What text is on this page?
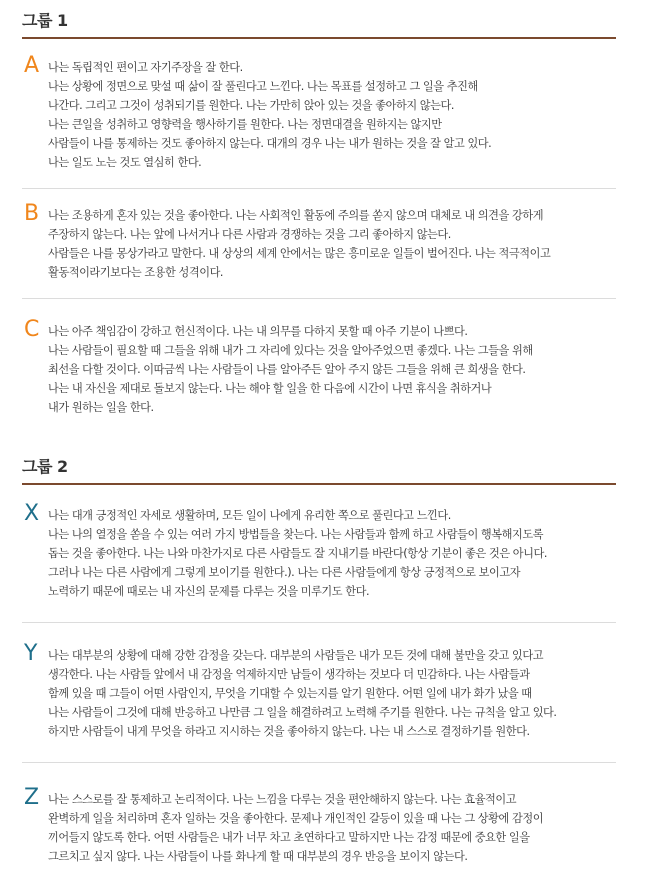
그룹 1
A 나는 독립적인 편이고 자기주장을 잘 한다.
나는 상황에 정면으로 맞설 때 삶이 잘 풀린다고 느낀다. 나는 목표를 설정하고 그 일을 추진해
나간다. 그리고 그것이 성취되기를 원한다. 나는 가만히 앉아 있는 것을 좋아하지 않는다.
나는 큰일을 성취하고 영향력을 행사하기를 원한다. 나는 정면대결을 원하지는 않지만
사람들이 나를 통제하는 것도 좋아하지 않는다. 대개의 경우 나는 내가 원하는 것을 잘 알고 있다.
나는 일도 노는 것도 열심히 한다.
B 나는 조용하게 혼자 있는 것을 좋아한다. 나는 사회적인 활동에 주의를 쏟지 않으며 대체로 내 의견을 강하게
주장하지 않는다. 나는 앞에 나서거나 다른 사람과 경쟁하는 것을 그리 좋아하지 않는다.
사람들은 나를 몽상가라고 말한다. 내 상상의 세계 안에서는 많은 흥미로운 일들이 벌어진다. 나는 적극적이고
활동적이라기보다는 조용한 성격이다.
C 나는 아주 책임감이 강하고 헌신적이다. 나는 내 의무를 다하지 못할 때 아주 기분이 나쁘다.
나는 사람들이 필요할 때 그들을 위해 내가 그 자리에 있다는 것을 알아주었으면 좋겠다. 나는 그들을 위해
최선을 다할 것이다. 이따금씩 나는 사람들이 나를 알아주든 알아 주지 않든 그들을 위해 큰 희생을 한다.
나는 내 자신을 제대로 돌보지 않는다. 나는 해야 할 일을 한 다음에 시간이 나면 휴식을 취하거나
내가 원하는 일을 한다.
그룹 2
X 나는 대개 긍정적인 자세로 생활하며, 모든 일이 나에게 유리한 쪽으로 풀린다고 느낀다.
나는 나의 열정을 쏟을 수 있는 여러 가지 방법들을 찾는다. 나는 사람들과 함께 하고 사람들이 행복해지도록
돕는 것을 좋아한다. 나는 나와 마찬가지로 다른 사람들도 잘 지내기를 바란다(항상 기분이 좋은 것은 아니다.
그러나 나는 다른 사람에게 그렇게 보이기를 원한다.). 나는 다른 사람들에게 항상 긍정적으로 보이고자
노력하기 때문에 때로는 내 자신의 문제를 다루는 것을 미루기도 한다.
Y 나는 대부분의 상황에 대해 강한 감정을 갖는다. 대부분의 사람들은 내가 모든 것에 대해 불만을 갖고 있다고
생각한다. 나는 사람들 앞에서 내 감정을 억제하지만 남들이 생각하는 것보다 더 민감하다. 나는 사람들과
함께 있을 때 그들이 어떤 사람인지, 무엇을 기대할 수 있는지를 알기 원한다. 어떤 일에 내가 화가 났을 때
나는 사람들이 그것에 대해 반응하고 나만큼 그 일을 해결하려고 노력해 주기를 원한다. 나는 규칙을 알고 있다.
하지만 사람들이 내게 무엇을 하라고 지시하는 것을 좋아하지 않는다. 나는 내 스스로 결정하기를 원한다.
Z 나는 스스로를 잘 통제하고 논리적이다. 나는 느낌을 다루는 것을 편안해하지 않는다. 나는 효율적이고
완벽하게 일을 처리하며 혼자 일하는 것을 좋아한다. 문제나 개인적인 갈등이 있을 때 나는 그 상황에 감정이
끼어들지 않도록 한다. 어떤 사람들은 내가 너무 차고 초연하다고 말하지만 나는 감정 때문에 중요한 일을
그르치고 싶지 않다. 나는 사람들이 나를 화나게 할 때 대부분의 경우 반응을 보이지 않는다.
